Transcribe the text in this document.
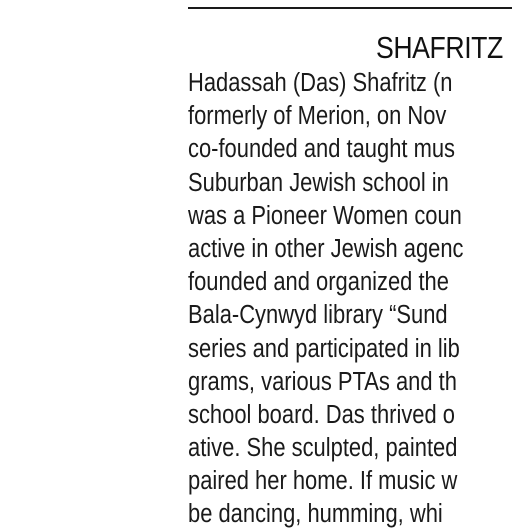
SHAFRITZ
Hadassah (Das) Shafritz (n
formerly of Merion, on Nov
co-founded and taught mus
Suburban Jewish school in
was a Pioneer Women coun
active in other Jewish agenc
founded and organized the
Bala-Cynwyd library “Sund
series and participated in lib
grams, various PTAs and th
school board. Das thrived o
ative. She sculpted, painted
paired her home. If music w
be dancing, humming, whi
